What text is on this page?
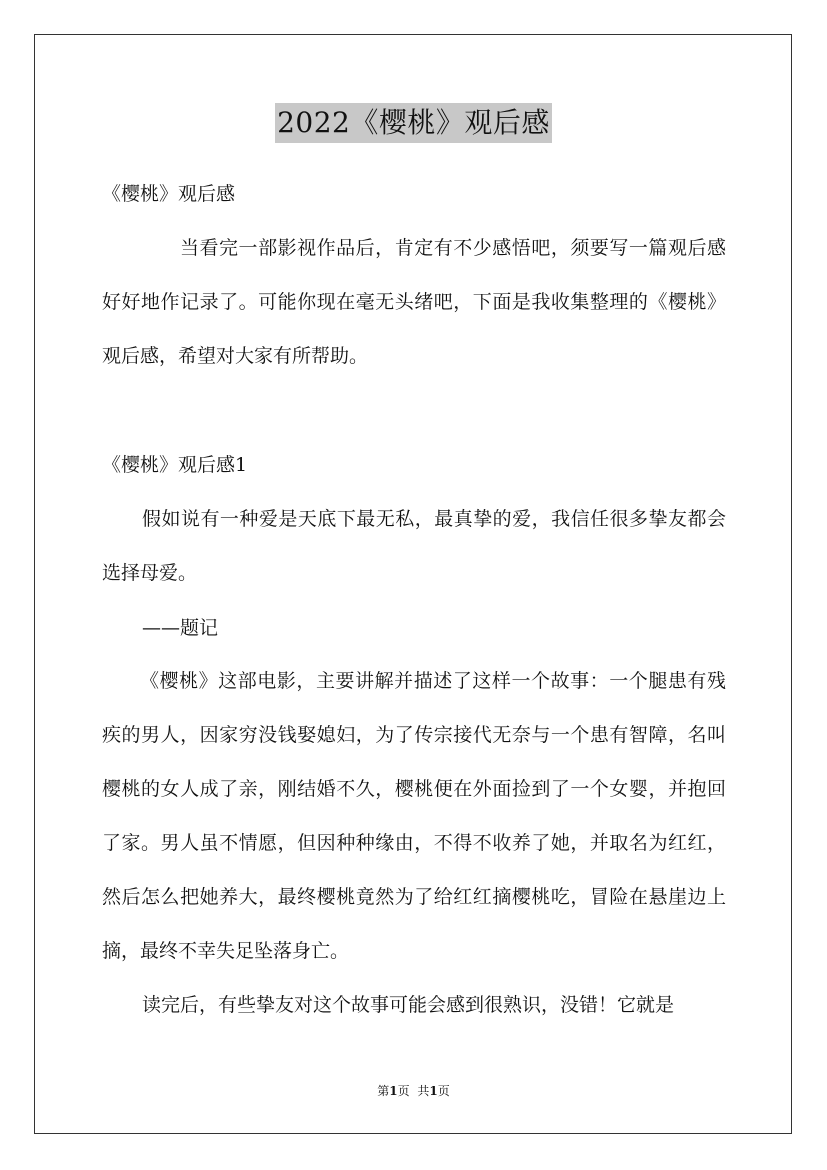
2022《樱桃》观后感

《樱桃》观后感

当看完一部影视作品后，肯定有不少感悟吧，须要写一篇观后感好好地作记录了。可能你现在毫无头绪吧，下面是我收集整理的《樱桃》观后感，希望对大家有所帮助。

《樱桃》观后感1

假如说有一种爱是天底下最无私，最真挚的爱，我信任很多挚友都会选择母爱。

——题记

《樱桃》这部电影，主要讲解并描述了这样一个故事：一个腿患有残疾的男人，因家穷没钱娶媳妇，为了传宗接代无奈与一个患有智障，名叫樱桃的女人成了亲，刚结婚不久，樱桃便在外面捡到了一个女婴，并抱回了家。男人虽不情愿，但因种种缘由，不得不收养了她，并取名为红红，然后怎么把她养大，最终樱桃竟然为了给红红摘樱桃吃，冒险在悬崖边上摘，最终不幸失足坠落身亡。

读完后，有些挚友对这个故事可能会感到很熟识，没错！它就是

第1页 共1页
